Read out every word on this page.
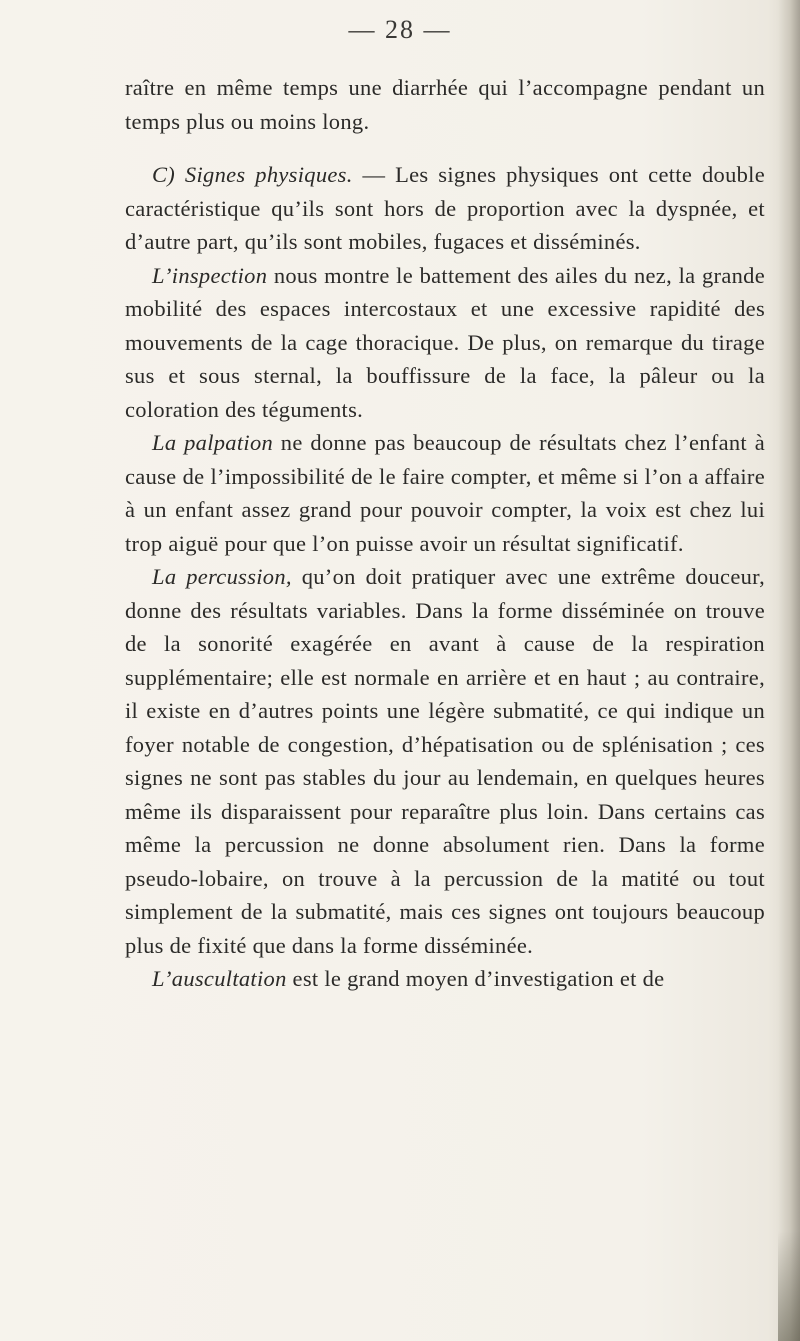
— 28 —

raître en même temps une diarrhée qui l’accompagne pendant un temps plus ou moins long.

C) Signes physiques. — Les signes physiques ont cette double caractéristique qu’ils sont hors de proportion avec la dyspnée, et d’autre part, qu’ils sont mobiles, fugaces et disséminés.

L’inspection nous montre le battement des ailes du nez, la grande mobilité des espaces intercostaux et une excessive rapidité des mouvements de la cage thoracique. De plus, on remarque du tirage sus et sous sternal, la bouffissure de la face, la pâleur ou la coloration des téguments.

La palpation ne donne pas beaucoup de résultats chez l’enfant à cause de l’impossibilité de le faire compter, et même si l’on a affaire à un enfant assez grand pour pouvoir compter, la voix est chez lui trop aiguë pour que l’on puisse avoir un résultat significatif.

La percussion, qu’on doit pratiquer avec une extrême douceur, donne des résultats variables. Dans la forme disséminée on trouve de la sonorité exagérée en avant à cause de la respiration supplémentaire; elle est normale en arrière et en haut ; au contraire, il existe en d’autres points une légère submatité, ce qui indique un foyer notable de congestion, d’hépatisation ou de splénisation ; ces signes ne sont pas stables du jour au lendemain, en quelques heures même ils disparaissent pour reparaître plus loin. Dans certains cas même la percussion ne donne absolument rien. Dans la forme pseudo-lobaire, on trouve à la percussion de la matité ou tout simplement de la submatité, mais ces signes ont toujours beaucoup plus de fixité que dans la forme disséminée.

L’auscultation est le grand moyen d’investigation et de
